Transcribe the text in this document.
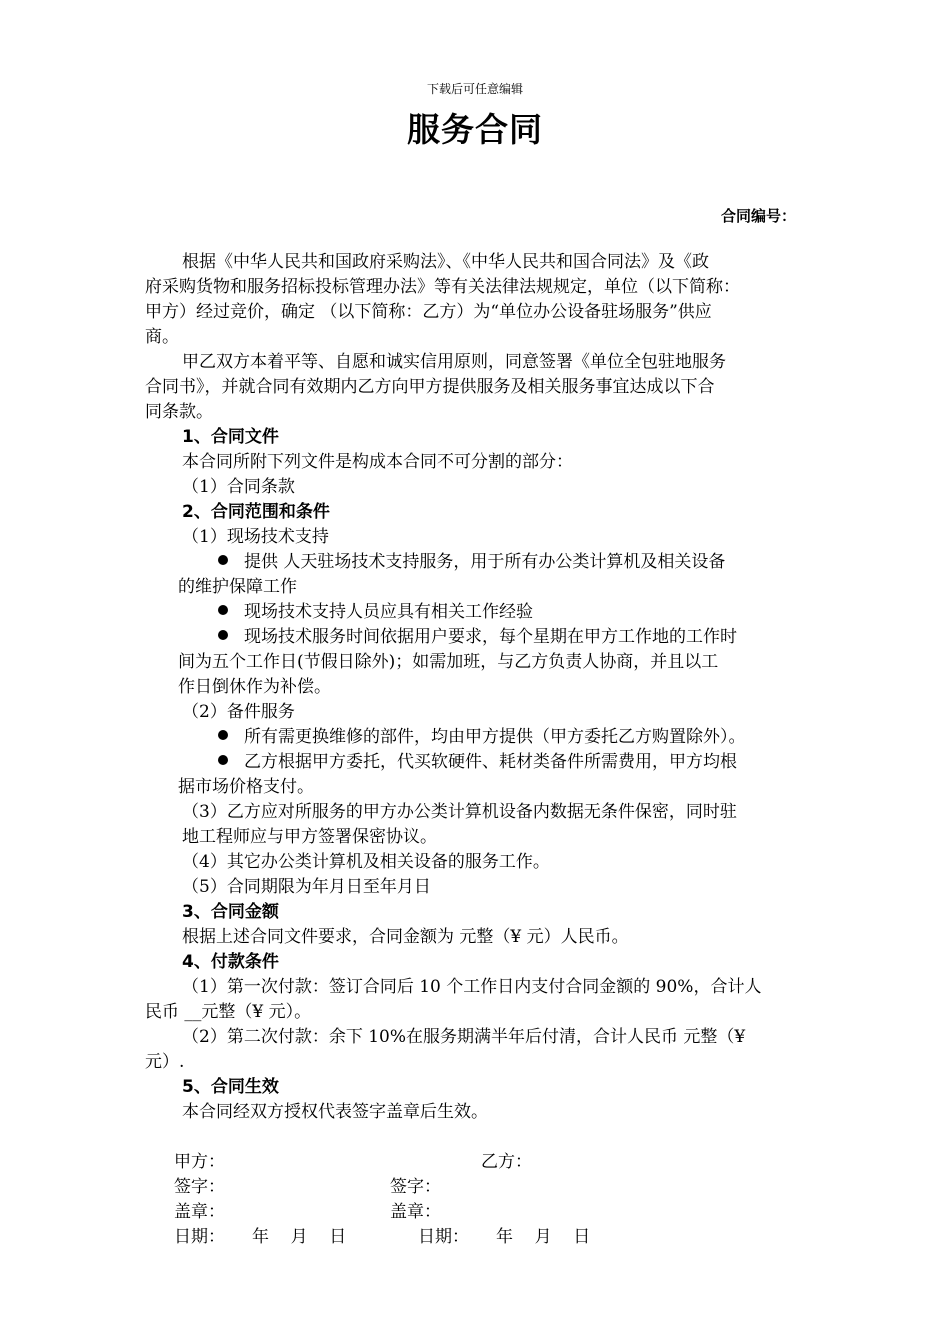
下载后可任意编辑
服务合同
合同编号：
根据《中华人民共和国政府采购法》、《中华人民共和国合同法》及《政
府采购货物和服务招标投标管理办法》等有关法律法规规定，单位（以下简称：
甲方）经过竞价，确定 （以下简称：乙方）为“单位办公设备驻场服务”供应
商。
甲乙双方本着平等、自愿和诚实信用原则，同意签署《单位全包驻地服务
合同书》，并就合同有效期内乙方向甲方提供服务及相关服务事宜达成以下合
同条款。
1、合同文件
本合同所附下列文件是构成本合同不可分割的部分：
（1）合同条款
2、合同范围和条件
（1）现场技术支持
提供 人天驻场技术支持服务，用于所有办公类计算机及相关设备
的维护保障工作
现场技术支持人员应具有相关工作经验
现场技术服务时间依据用户要求，每个星期在甲方工作地的工作时
间为五个工作日(节假日除外)；如需加班，与乙方负责人协商，并且以工
作日倒休作为补偿。
（2）备件服务
所有需更换维修的部件，均由甲方提供（甲方委托乙方购置除外）。
乙方根据甲方委托，代买软硬件、耗材类备件所需费用，甲方均根
据市场价格支付。
（3）乙方应对所服务的甲方办公类计算机设备内数据无条件保密，同时驻
地工程师应与甲方签署保密协议。
（4）其它办公类计算机及相关设备的服务工作。
（5）合同期限为年月日至年月日
3、合同金额
根据上述合同文件要求，合同金额为 元整（¥ 元）人民币。
4、付款条件
（1）第一次付款：签订合同后 10 个工作日内支付合同金额的 90%，合计人
民币 __元整（¥ 元）。
（2）第二次付款：余下 10%在服务期满半年后付清，合计人民币 元整（¥
元）.
5、合同生效
本合同经双方授权代表签字盖章后生效。
甲方：	乙方：
签字：	签字：
盖章：	盖章：
日期：     年    月    日	日期：     年    月    日
